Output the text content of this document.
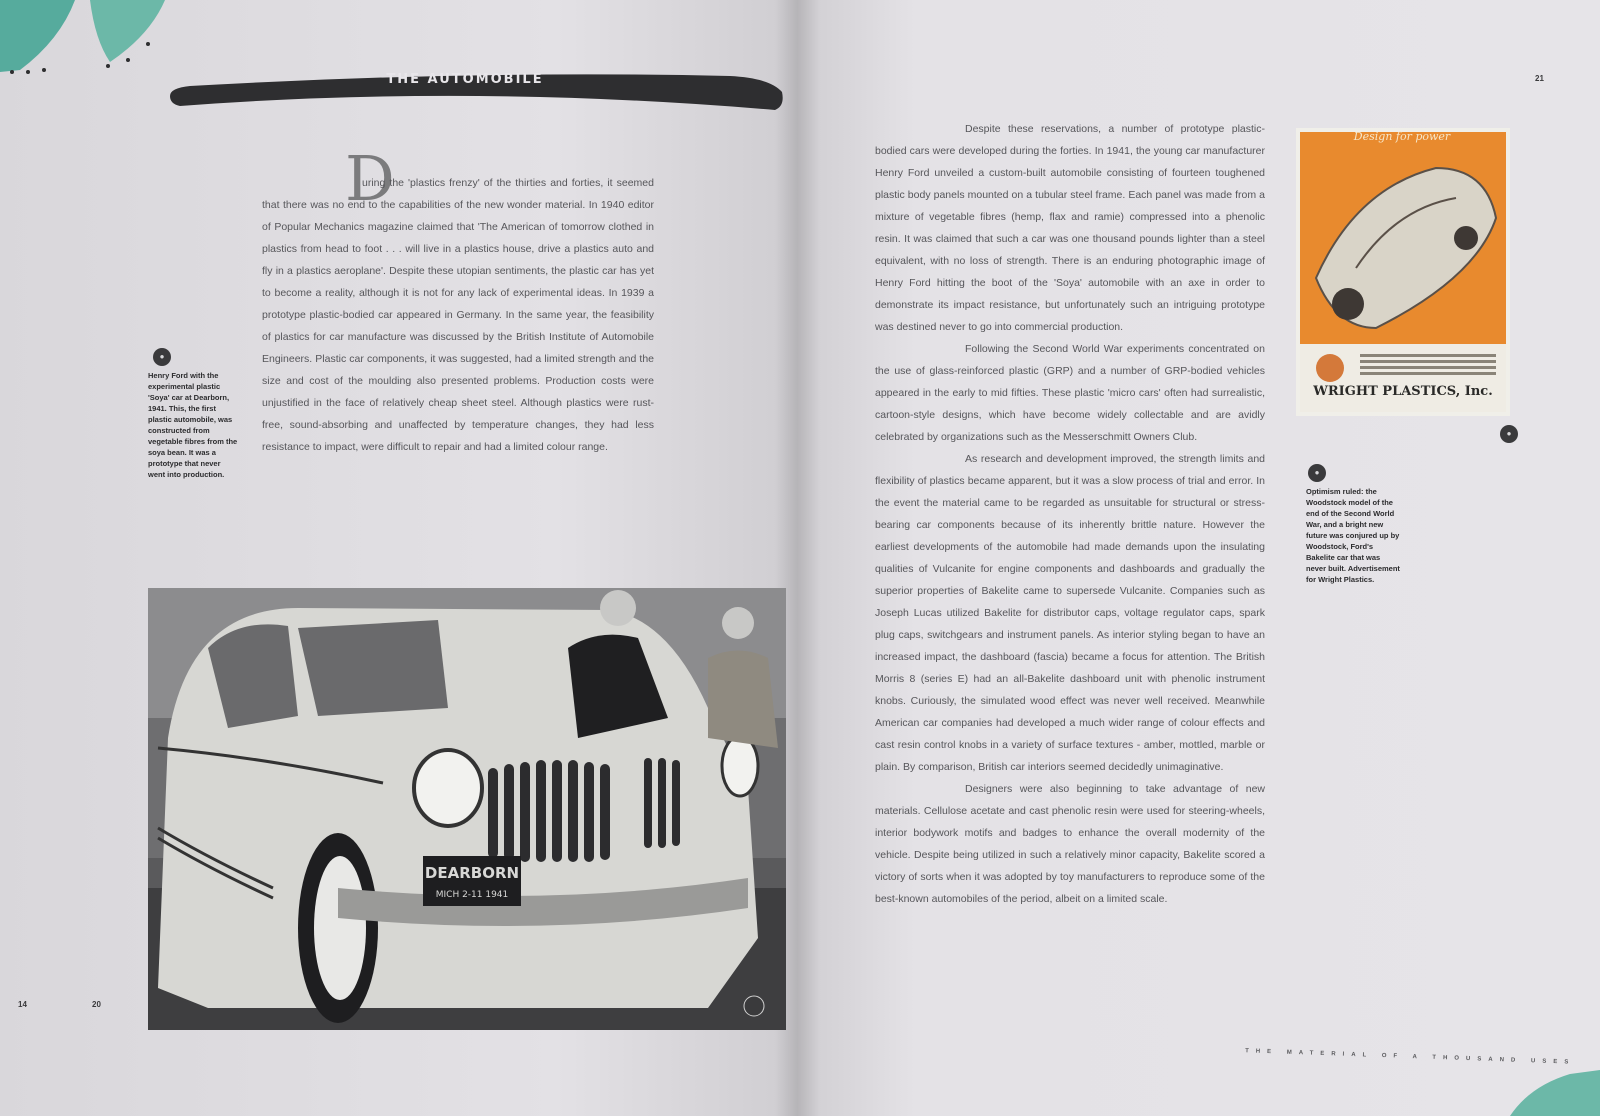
THE AUTOMOBILE
D
uring the 'plastics frenzy' of the thirties and forties, it seemed that there was no end to the capabilities of the new wonder material. In 1940 editor of Popular Mechanics magazine claimed that 'The American of tomorrow clothed in plastics from head to foot . . . will live in a plastics house, drive a plastics auto and fly in a plastics aeroplane'. Despite these utopian sentiments, the plastic car has yet to become a reality, although it is not for any lack of experimental ideas. In 1939 a prototype plastic-bodied car appeared in Germany. In the same year, the feasibility of plastics for car manufacture was discussed by the British Institute of Automobile Engineers. Plastic car components, it was suggested, had a limited strength and the size and cost of the moulding also presented problems. Production costs were unjustified in the face of relatively cheap sheet steel. Although plastics were rust-free, sound-absorbing and unaffected by temperature changes, they had less resistance to impact, were difficult to repair and had a limited colour range.
●
Henry Ford with the experimental plastic 'Soya' car at Dearborn, 1941. This, the first plastic automobile, was constructed from vegetable fibres from the soya bean. It was a prototype that never went into production.
DEARBORN
MICH 2-11 1941

Despite these reservations, a number of prototype plastic-bodied cars were developed during the forties. In 1941, the young car manufacturer Henry Ford unveiled a custom-built automobile consisting of fourteen toughened plastic body panels mounted on a tubular steel frame. Each panel was made from a mixture of vegetable fibres (hemp, flax and ramie) compressed into a phenolic resin. It was claimed that such a car was one thousand pounds lighter than a steel equivalent, with no loss of strength. There is an enduring photographic image of Henry Ford hitting the boot of the 'Soya' automobile with an axe in order to demonstrate its impact resistance, but unfortunately such an intriguing prototype was destined never to go into commercial production.

Following the Second World War experiments concentrated on the use of glass-reinforced plastic (GRP) and a number of GRP-bodied vehicles appeared in the early to mid fifties. These plastic 'micro cars' often had surrealistic, cartoon-style designs, which have become widely collectable and are avidly celebrated by organizations such as the Messerschmitt Owners Club.

As research and development improved, the strength limits and flexibility of plastics became apparent, but it was a slow process of trial and error. In the event the material came to be regarded as unsuitable for structural or stress-bearing car components because of its inherently brittle nature. However the earliest developments of the automobile had made demands upon the insulating qualities of Vulcanite for engine components and dashboards and gradually the superior properties of Bakelite came to supersede Vulcanite. Companies such as Joseph Lucas utilized Bakelite for distributor caps, voltage regulator caps, spark plug caps, switchgears and instrument panels. As interior styling began to have an increased impact, the dashboard (fascia) became a focus for attention. The British Morris 8 (series E) had an all-Bakelite dashboard unit with phenolic instrument knobs. Curiously, the simulated wood effect was never well received. Meanwhile American car companies had developed a much wider range of colour effects and cast resin control knobs in a variety of surface textures - amber, mottled, marble or plain. By comparison, British car interiors seemed decidedly unimaginative.

Designers were also beginning to take advantage of new materials. Cellulose acetate and cast phenolic resin were used for steering-wheels, interior bodywork motifs and badges to enhance the overall modernity of the vehicle. Despite being utilized in such a relatively minor capacity, Bakelite scored a victory of sorts when it was adopted by toy manufacturers to reproduce some of the best-known automobiles of the period, albeit on a limited scale.

Design for power
WRIGHT PLASTICS, Inc.
●
●
Optimism ruled: the Woodstock model of the end of the Second World War, and a bright new future was conjured up by Woodstock, Ford's Bakelite car that was never built. Advertisement for Wright Plastics.
14	20
21
THE MATERIAL OF A THOUSAND USES
